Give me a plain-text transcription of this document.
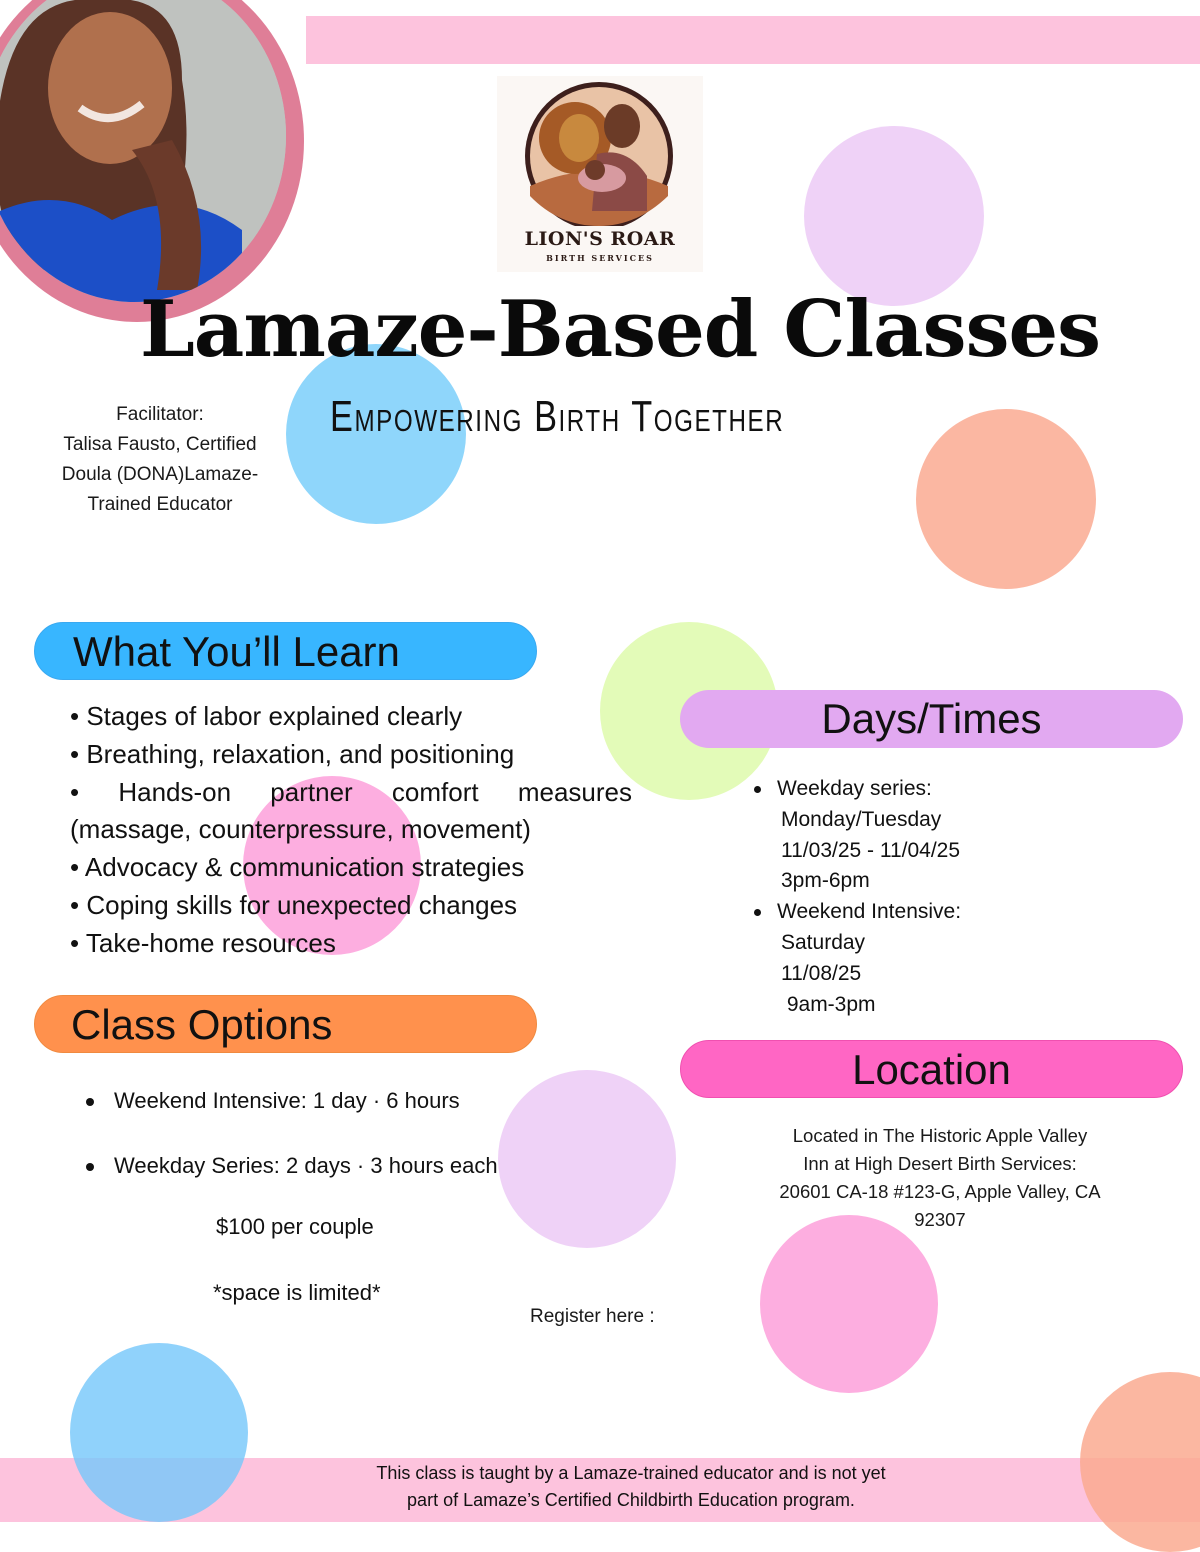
LION'S ROAR
BIRTH SERVICES
Lamaze-Based Classes
Empowering Birth Together
Facilitator:
Talisa Fausto, Certified
Doula (DONA)Lamaze-
Trained Educator
What You’ll Learn
• Stages of labor explained clearly
• Breathing, relaxation, and positioning
• Hands-on partner comfort measures (massage, counterpressure, movement)
• Advocacy & communication strategies
• Coping skills for unexpected changes
• Take-home resources
Class Options
Weekend Intensive: 1 day · 6 hours
Weekday Series: 2 days · 3 hours each
$100 per couple
*space is limited*
Register here :
Days/Times
Weekday series:
Monday/Tuesday
11/03/25 - 11/04/25
3pm-6pm
Weekend Intensive:
Saturday
11/08/25
9am-3pm
Location
Located in The Historic Apple Valley
Inn at High Desert Birth Services:
20601 CA-18 #123-G, Apple Valley, CA
92307
This class is taught by a Lamaze-trained educator and is not yet
part of Lamaze’s Certified Childbirth Education program.
